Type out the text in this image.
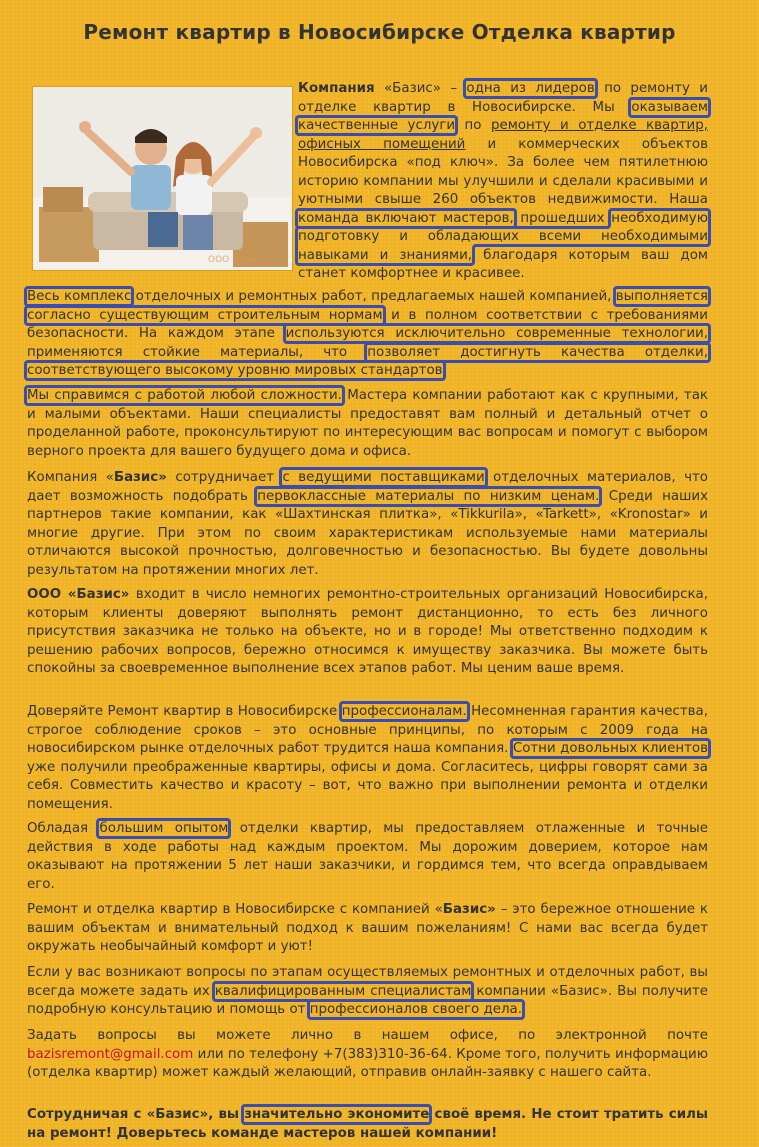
Ремонт квартир в Новосибирске Отделка квартир
ООО Базис

Компания «Базис» – одна из лидеров по ремонту и отделке квартир в Новосибирске. Мы оказываем качественные услуги по ремонту и отделке квартир, офисных помещений и коммерческих объектов Новосибирска «под ключ». За более чем пятилетнюю историю компании мы улучшили и сделали красивыми и уютными свыше 260 объектов недвижимости. Наша команда включают мастеров, прошедших необходимую подготовку и обладающих всеми необходимыми навыками и знаниями, благодаря которым ваш дом станет комфортнее и красивее.

Весь комплекс отделочных и ремонтных работ, предлагаемых нашей компанией, выполняется согласно существующим строительным нормам и в полном соответствии с требованиями безопасности. На каждом этапе используются исключительно современные технологии, применяются стойкие материалы, что позволяет достигнуть качества отделки, соответствующего высокому уровню мировых стандартов.

Мы справимся с работой любой сложности. Мастера компании работают как с крупными, так и малыми объектами. Наши специалисты предоставят вам полный и детальный отчет о проделанной работе, проконсультируют по интересующим вас вопросам и помогут с выбором верного проекта для вашего будущего дома и офиса.

Компания «Базис» сотрудничает с ведущими поставщиками отделочных материалов, что дает возможность подобрать первоклассные материалы по низким ценам. Среди наших партнеров такие компании, как «Шахтинская плитка», «Tikkurila», «Tarkett», «Kronostar» и многие другие. При этом по своим характеристикам используемые нами материалы отличаются высокой прочностью, долговечностью и безопасностью. Вы будете довольны результатом на протяжении многих лет.

ООО «Базис» входит в число немногих ремонтно-строительных организаций Новосибирска, которым клиенты доверяют выполнять ремонт дистанционно, то есть без личного присутствия заказчика не только на объекте, но и в городе! Мы ответственно подходим к решению рабочих вопросов, бережно относимся к имуществу заказчика. Вы можете быть спокойны за своевременное выполнение всех этапов работ. Мы ценим ваше время.

Доверяйте Ремонт квартир в Новосибирске профессионалам. Несомненная гарантия качества, строгое соблюдение сроков – это основные принципы, по которым с 2009 года на новосибирском рынке отделочных работ трудится наша компания. Сотни довольных клиентов уже получили преображенные квартиры, офисы и дома. Согласитесь, цифры говорят сами за себя. Совместить качество и красоту – вот, что важно при выполнении ремонта и отделки помещения.

Обладая большим опытом отделки квартир, мы предоставляем отлаженные и точные действия в ходе работы над каждым проектом. Мы дорожим доверием, которое нам оказывают на протяжении 5 лет наши заказчики, и гордимся тем, что всегда оправдываем его.

Ремонт и отделка квартир в Новосибирске с компанией «Базис» – это бережное отношение к вашим объектам и внимательный подход к вашим пожеланиям! С нами вас всегда будет окружать необычайный комфорт и уют!

Если у вас возникают вопросы по этапам осуществляемых ремонтных и отделочных работ, вы всегда можете задать их квалифицированным специалистам компании «Базис». Вы получите подробную консультацию и помощь от профессионалов своего дела.

Задать вопросы вы можете лично в нашем офисе, по электронной почте bazisremont@gmail.com или по телефону +7(383)310-36-64. Кроме того, получить информацию (отделка квартир) может каждый желающий, отправив онлайн-заявку с нашего сайта.

Сотрудничая с «Базис», вы значительно экономите своё время. Не стоит тратить силы на ремонт! Доверьтесь команде мастеров нашей компании!
